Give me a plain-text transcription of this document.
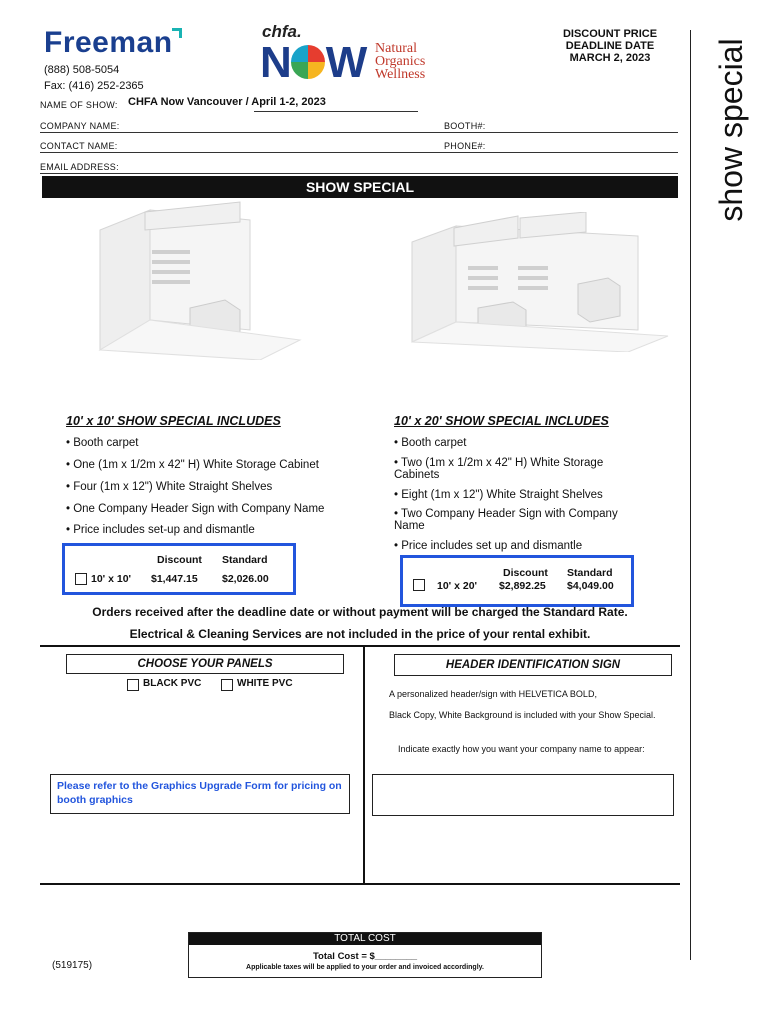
Freeman
(888) 508-5054
Fax: (416) 252-2365
chfa.
N W Natural
Organics
Wellness
DISCOUNT PRICE
DEADLINE DATE
MARCH 2, 2023	show special
NAME OF SHOW: CHFA Now Vancouver / April 1-2, 2023
COMPANY NAME:	BOOTH#:
CONTACT NAME:	PHONE#:
EMAIL ADDRESS:
SHOW SPECIAL
10' x 10' SHOW SPECIAL INCLUDES
• Booth carpet
• One (1m x 1/2m x 42" H) White Storage Cabinet
• Four (1m x 12") White Straight Shelves
• One Company Header Sign with Company Name
• Price includes set-up and dismantle
Discount Standard
10' x 10' $1,447.15 $2,026.00
10' x 20' SHOW SPECIAL INCLUDES
• Booth carpet
• Two (1m x 1/2m x 42" H) White Storage Cabinets
• Eight (1m x 12") White Straight Shelves
• Two Company Header Sign with Company Name
• Price includes set up and dismantle
Discount Standard
10' x 20' $2,892.25 $4,049.00
Orders received after the deadline date or without payment will be charged the Standard Rate.
Electrical & Cleaning Services are not included in the price of your rental exhibit.
CHOOSE YOUR PANELS
BLACK PVC	WHITE PVC
Please refer to the Graphics Upgrade Form for pricing on booth graphics
HEADER IDENTIFICATION SIGN
A personalized header/sign with HELVETICA BOLD,
Black Copy, White Background is included with your Show Special.
Indicate exactly how you want your company name to appear:
TOTAL COST
Total Cost = $________
Applicable taxes will be applied to your order and invoiced accordingly.
(519175)
